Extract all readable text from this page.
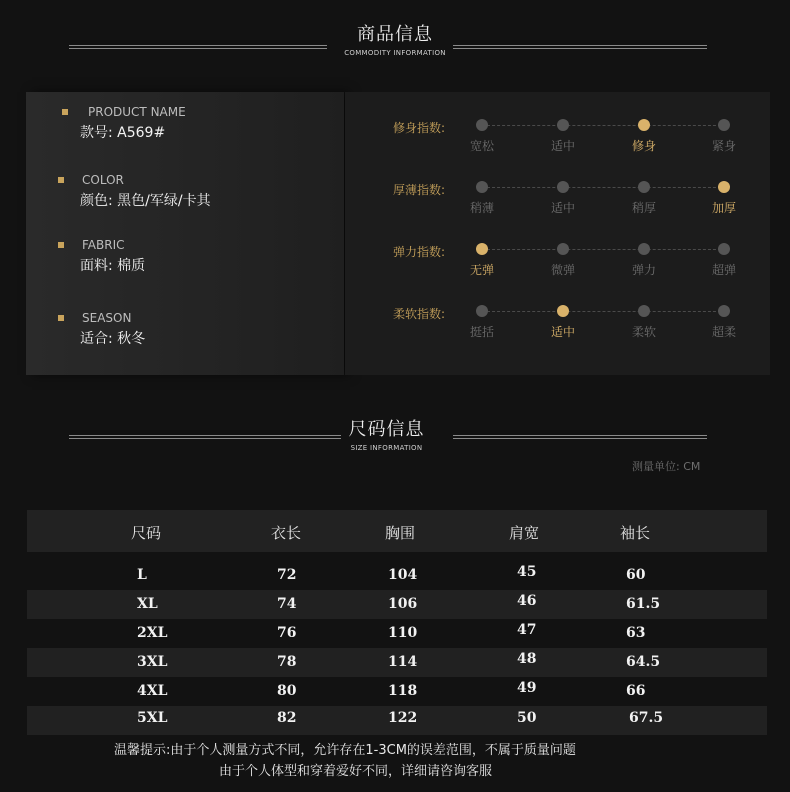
商品信息
COMMODITY INFORMATION
PRODUCT NAME
款号: A569#
COLOR
颜色: 黑色/军绿/卡其
FABRIC
面料: 棉质
SEASON
适合: 秋冬
修身指数:
宽松	适中	修身	紧身
厚薄指数:
稍薄	适中	稍厚	加厚
弹力指数:
无弹	微弹	弹力	超弹
柔软指数:
挺括	适中	柔软	超柔
尺码信息
SIZE INFORMATION
测量单位: CM
尺码	衣长	胸围	肩宽	袖长
L	72	104	45	60
XL	74	106	46	61.5
2XL	76	110	47	63
3XL	78	114	48	64.5
4XL	80	118	49	66
5XL	82	122	50	67.5
温馨提示:由于个人测量方式不同，允许存在1-3CM的误差范围，不属于质量问题
由于个人体型和穿着爱好不同，详细请咨询客服
